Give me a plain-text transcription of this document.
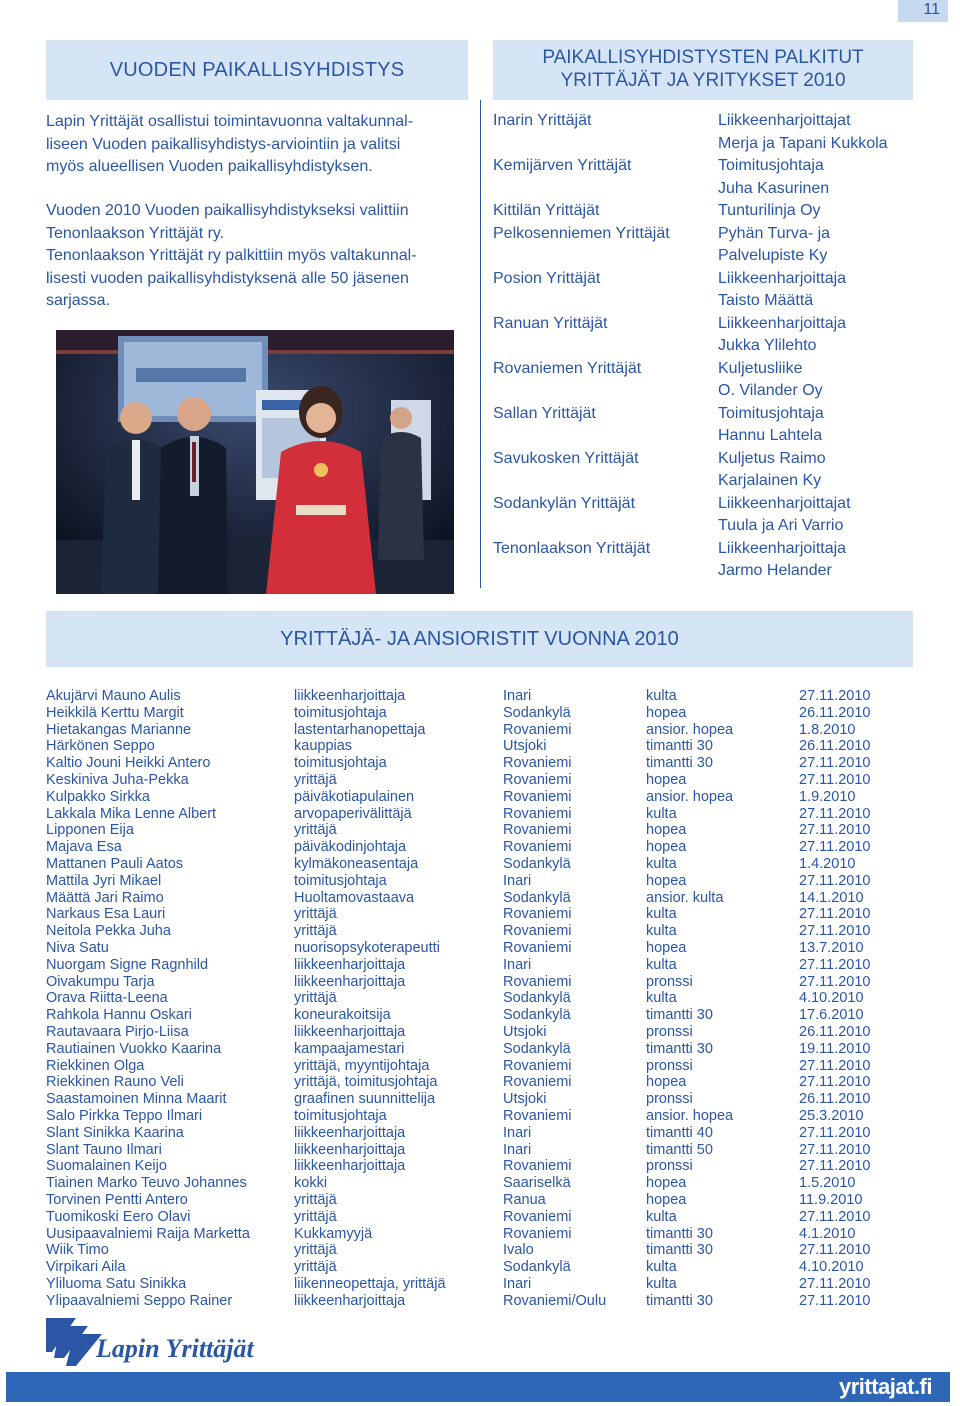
11
VUODEN PAIKALLISYHDISTYS
Lapin Yrittäjät osallistui toimintavuonna valtakunnal-
liseen Vuoden paikallisyhdistys-arviointiin ja valitsi
myös alueellisen Vuoden paikallisyhdistyksen.
Vuoden 2010 Vuoden paikallisyhdistykseksi valittiin
Tenonlaakson Yrittäjät ry.
Tenonlaakson Yrittäjät ry palkittiin myös valtakunnal-
lisesti vuoden paikallisyhdistyksenä alle 50 jäsenen
sarjassa.
PAIKALLISYHDISTYSTEN PALKITUT
YRITTÄJÄT JA YRITYKSET 2010
Inarin Yrittäjät
Kemijärven Yrittäjät
Kittilän Yrittäjät
Pelkosenniemen Yrittäjät
Posion Yrittäjät
Ranuan Yrittäjät
Rovaniemen Yrittäjät
Sallan Yrittäjät
Savukosken Yrittäjät
Sodankylän Yrittäjät
Tenonlaakson Yrittäjät
Liikkeenharjoittajat
Merja ja Tapani Kukkola
Toimitusjohtaja
Juha Kasurinen
Tunturilinja Oy
Pyhän Turva- ja
Palvelupiste Ky
Liikkeenharjoittaja
Taisto Määttä
Liikkeenharjoittaja
Jukka Ylilehto
Kuljetusliike
O. Vilander Oy
Toimitusjohtaja
Hannu Lahtela
Kuljetus Raimo
Karjalainen Ky
Liikkeenharjoittajat
Tuula ja Ari Varrio
Liikkeenharjoittaja
Jarmo Helander
YRITTÄJÄ- JA ANSIORISTIT VUONNA 2010
Akujärvi Mauno Aulis
Heikkilä Kerttu Margit
Hietakangas Marianne
Härkönen Seppo
Kaltio Jouni Heikki Antero
Keskiniva Juha-Pekka
Kulpakko Sirkka
Lakkala Mika Lenne Albert
Lipponen Eija
Majava Esa
Mattanen Pauli Aatos
Mattila Jyri Mikael
Määttä Jari Raimo
Narkaus Esa Lauri
Neitola Pekka Juha
Niva Satu
Nuorgam Signe Ragnhild
Oivakumpu Tarja
Orava Riitta-Leena
Rahkola Hannu Oskari
Rautavaara Pirjo-Liisa
Rautiainen Vuokko Kaarina
Riekkinen Olga
Riekkinen Rauno Veli
Saastamoinen Minna Maarit
Salo Pirkka Teppo Ilmari
Slant Sinikka Kaarina
Slant Tauno Ilmari
Suomalainen Keijo
Tiainen Marko Teuvo Johannes
Torvinen Pentti Antero
Tuomikoski Eero Olavi
Uusipaavalniemi Raija Marketta
Wiik Timo
Virpikari Aila
Yliluoma Satu Sinikka
Ylipaavalniemi Seppo Rainer
liikkeenharjoittaja
toimitusjohtaja
lastentarhanopettaja
kauppias
toimitusjohtaja
yrittäjä
päiväkotiapulainen
arvopaperivälittäjä
yrittäjä
päiväkodinjohtaja
kylmäkoneasentaja
toimitusjohtaja
Huoltamovastaava
yrittäjä
yrittäjä
nuorisopsykoterapeutti
liikkeenharjoittaja
liikkeenharjoittaja
yrittäjä
koneurakoitsija
liikkeenharjoittaja
kampaajamestari
yrittäjä, myyntijohtaja
yrittäjä, toimitusjohtaja
graafinen suunnittelija
toimitusjohtaja
liikkeenharjoittaja
liikkeenharjoittaja
liikkeenharjoittaja
kokki
yrittäjä
yrittäjä
Kukkamyyjä
yrittäjä
yrittäjä
liikenneopettaja, yrittäjä
liikkeenharjoittaja
Inari
Sodankylä
Rovaniemi
Utsjoki
Rovaniemi
Rovaniemi
Rovaniemi
Rovaniemi
Rovaniemi
Rovaniemi
Sodankylä
Inari
Sodankylä
Rovaniemi
Rovaniemi
Rovaniemi
Inari
Rovaniemi
Sodankylä
Sodankylä
Utsjoki
Sodankylä
Rovaniemi
Rovaniemi
Utsjoki
Rovaniemi
Inari
Inari
Rovaniemi
Saariselkä
Ranua
Rovaniemi
Rovaniemi
Ivalo
Sodankylä
Inari
Rovaniemi/Oulu
kulta
hopea
ansior. hopea
timantti 30
timantti 30
hopea
ansior. hopea
kulta
hopea
hopea
kulta
hopea
ansior. kulta
kulta
kulta
hopea
kulta
pronssi
kulta
timantti 30
pronssi
timantti 30
pronssi
hopea
pronssi
ansior. hopea
timantti 40
timantti 50
pronssi
hopea
hopea
kulta
timantti 30
timantti 30
kulta
kulta
timantti 30
27.11.2010
26.11.2010
1.8.2010
26.11.2010
27.11.2010
27.11.2010
1.9.2010
27.11.2010
27.11.2010
27.11.2010
1.4.2010
27.11.2010
14.1.2010
27.11.2010
27.11.2010
13.7.2010
27.11.2010
27.11.2010
4.10.2010
17.6.2010
26.11.2010
19.11.2010
27.11.2010
27.11.2010
26.11.2010
25.3.2010
27.11.2010
27.11.2010
27.11.2010
1.5.2010
11.9.2010
27.11.2010
4.1.2010
27.11.2010
4.10.2010
27.11.2010
27.11.2010
Lapin Yrittäjät
yrittajat.fi
